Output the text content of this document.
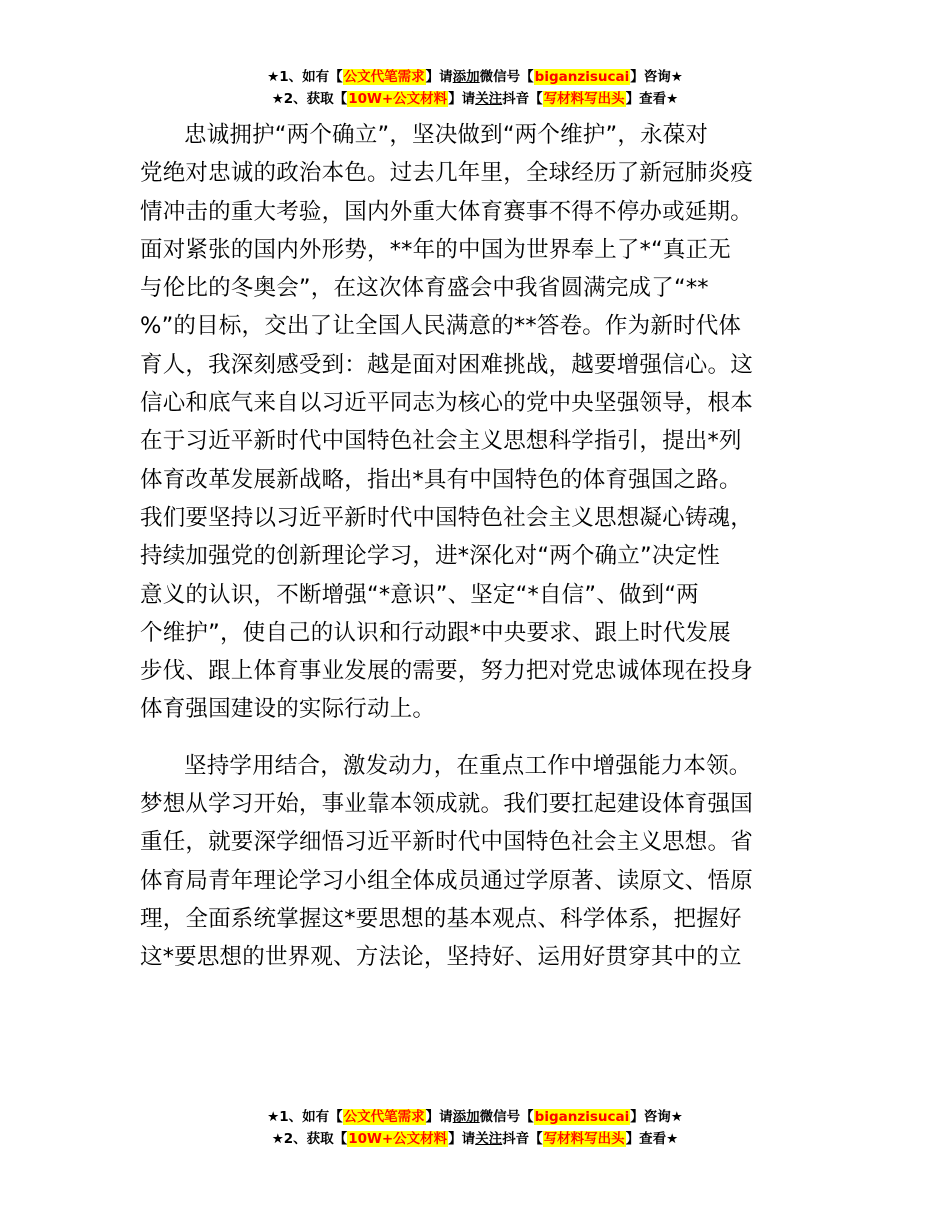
★1、如有【公文代笔需求】请添加微信号【biganzisucai】咨询★
★2、获取【10W+公文材料】请关注抖音【写材料写出头】查看★
忠诚拥护“两个确立”，坚决做到“两个维护”，永葆对
党绝对忠诚的政治本色。过去几年里，全球经历了新冠肺炎疫
情冲击的重大考验，国内外重大体育赛事不得不停办或延期。
面对紧张的国内外形势，**年的中国为世界奉上了*“真正无
与伦比的冬奥会”，在这次体育盛会中我省圆满完成了“**
%”的目标，交出了让全国人民满意的**答卷。作为新时代体
育人，我深刻感受到：越是面对困难挑战，越要增强信心。这
信心和底气来自以习近平同志为核心的党中央坚强领导，根本
在于习近平新时代中国特色社会主义思想科学指引，提出*列
体育改革发展新战略，指出*具有中国特色的体育强国之路。
我们要坚持以习近平新时代中国特色社会主义思想凝心铸魂，
持续加强党的创新理论学习，进*深化对“两个确立”决定性
意义的认识，不断增强“*意识”、坚定“*自信”、做到“两
个维护”，使自己的认识和行动跟*中央要求、跟上时代发展
步伐、跟上体育事业发展的需要，努力把对党忠诚体现在投身
体育强国建设的实际行动上。
坚持学用结合，激发动力，在重点工作中增强能力本领。
梦想从学习开始，事业靠本领成就。我们要扛起建设体育强国
重任，就要深学细悟习近平新时代中国特色社会主义思想。省
体育局青年理论学习小组全体成员通过学原著、读原文、悟原
理，全面系统掌握这*要思想的基本观点、科学体系，把握好
这*要思想的世界观、方法论，坚持好、运用好贯穿其中的立
★1、如有【公文代笔需求】请添加微信号【biganzisucai】咨询★
★2、获取【10W+公文材料】请关注抖音【写材料写出头】查看★
